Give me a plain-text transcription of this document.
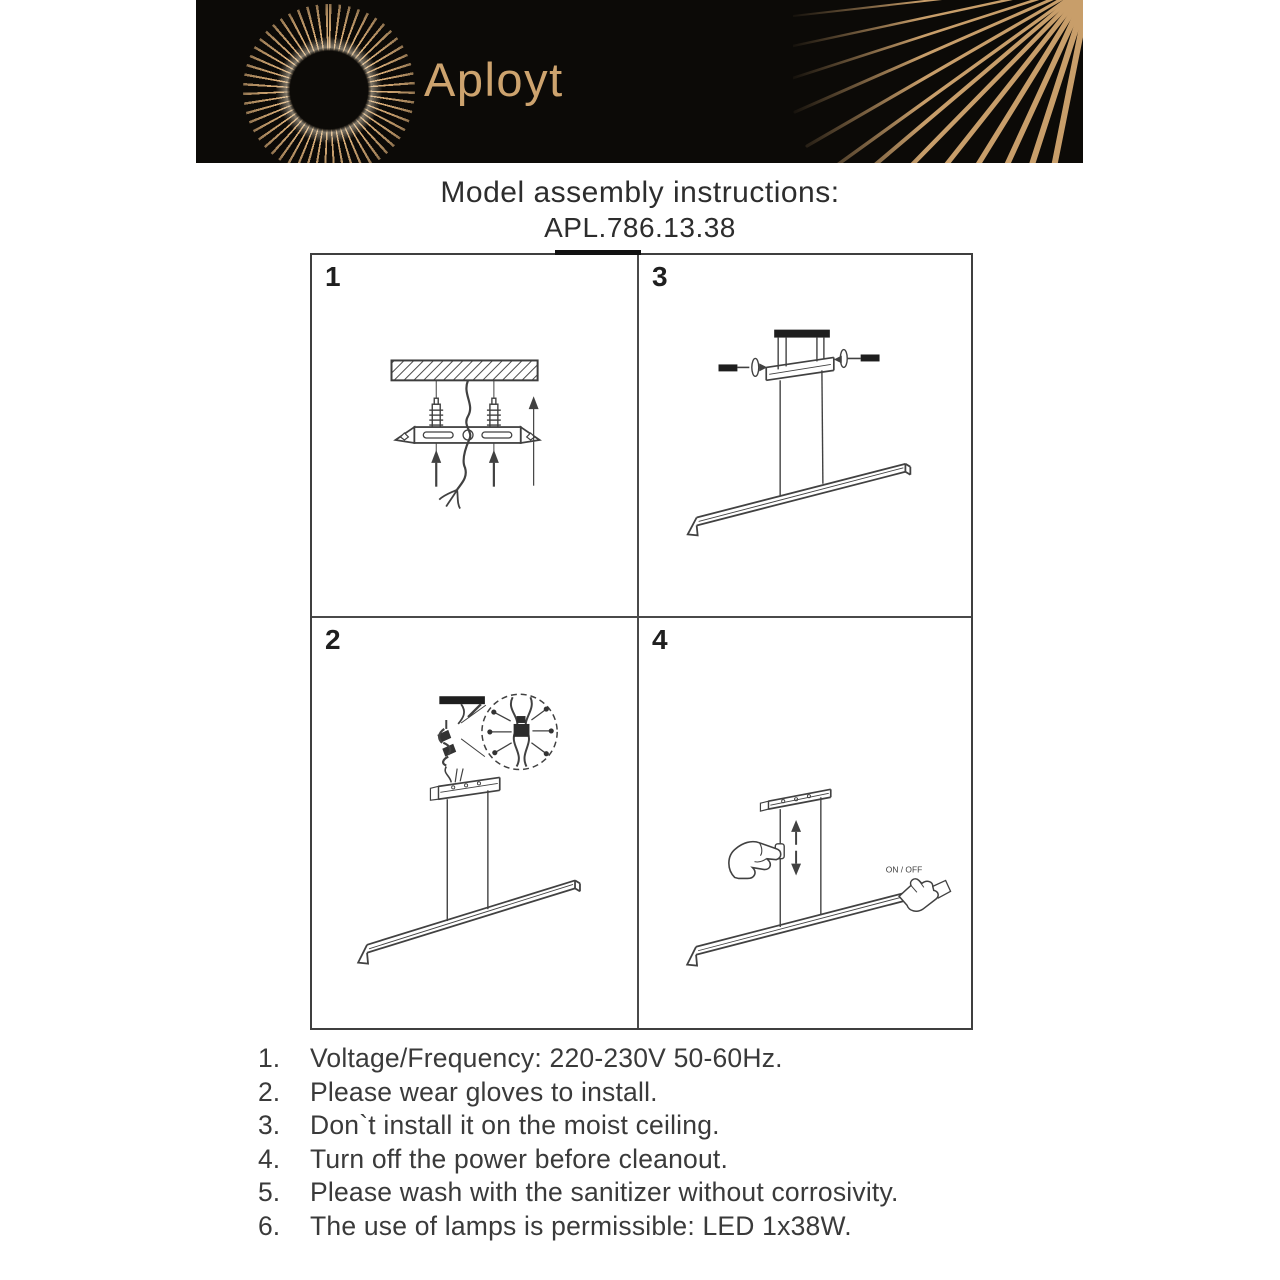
Aployt
Model assembly instructions:
APL.786.13.38
1	3
2	4
ON / OFF
1.	Voltage/Frequency: 220-230V 50-60Hz.
2.	Please wear gloves to install.
3.	Don`t install it on the moist ceiling.
4.	Turn off the power before cleanout.
5.	Please wash with the sanitizer without corrosivity.
6.	The use of lamps is permissible: LED 1x38W.
